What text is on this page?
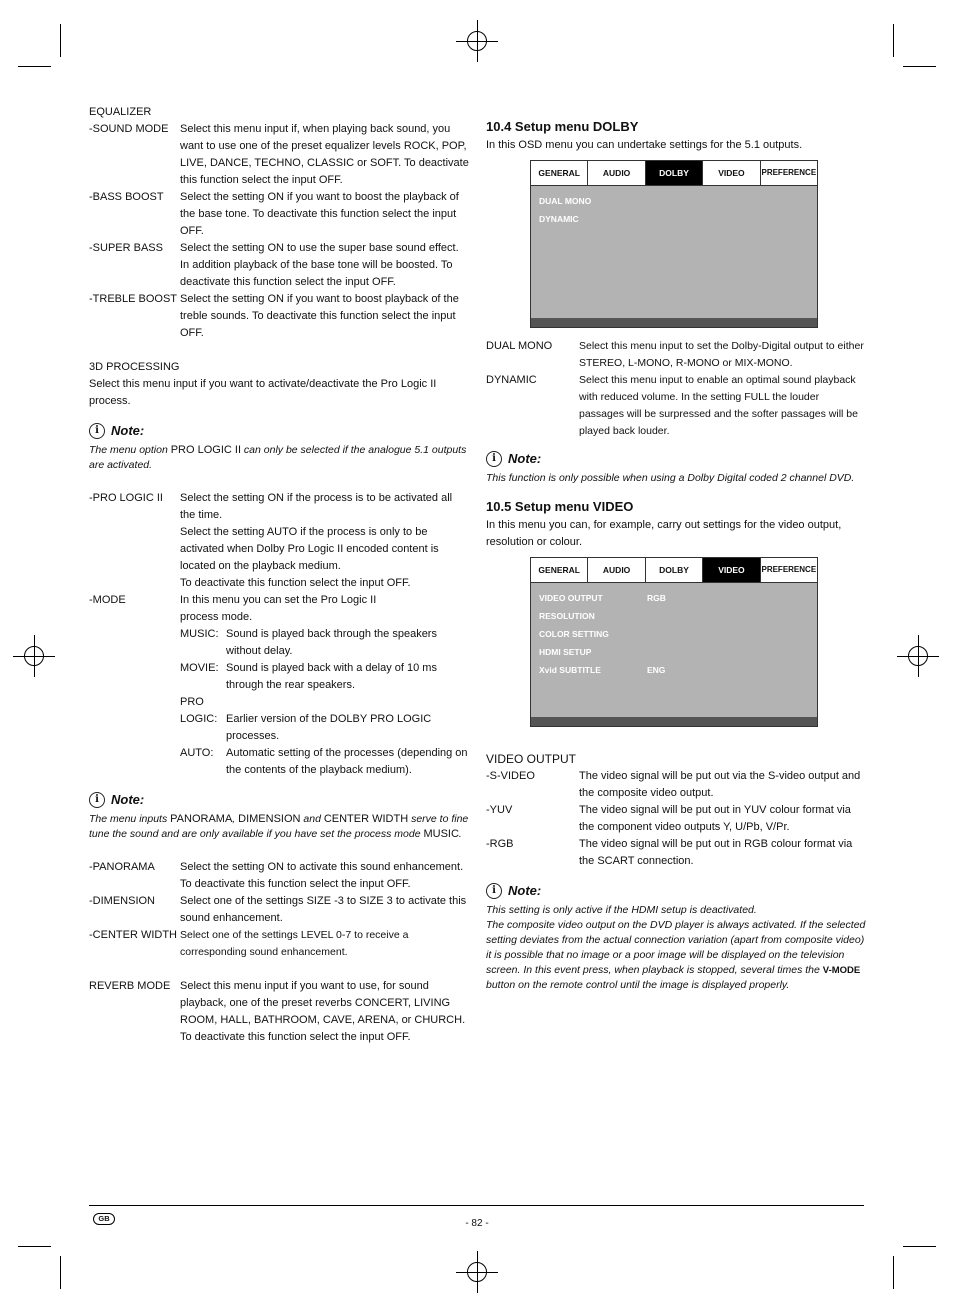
EQUALIZER
-SOUND MODE	Select this menu input if, when playing back sound, you want to use one of the preset equalizer levels ROCK, POP, LIVE, DANCE, TECHNO, CLASSIC or SOFT. To deactivate this function select the input OFF.
-BASS BOOST	Select the setting ON if you want to boost the playback of the base tone. To deactivate this function select the input OFF.
-SUPER BASS	Select the setting ON to use the super base sound effect. In addition playback of the base tone will be boosted. To deactivate this function select the input OFF.
-TREBLE BOOST Select the setting ON if you want to boost playback of the treble sounds. To deactivate this function select the input OFF.
3D PROCESSING
Select this menu input if you want to activate/deactivate the Pro Logic II process.
i Note:
The menu option PRO LOGIC II can only be selected if the analogue 5.1 outputs are activated.
-PRO LOGIC II	Select the setting ON if the process is to be activated all the time.
Select the setting AUTO if the process is only to be activated when Dolby Pro Logic II encoded content is located on the playback medium.
To deactivate this function select the input OFF.
-MODE	In this menu you can set the Pro Logic II process mode.
MUSIC: Sound is played back through the speakers without delay.
MOVIE: Sound is played back with a delay of 10 ms through the rear speakers.
PRO
LOGIC: Earlier version of the DOLBY PRO LOGIC processes.
AUTO:	Automatic setting of the processes (depending on the contents of the playback medium).
i Note:
The menu inputs PANORAMA, DIMENSION and CENTER WIDTH serve to fine tune the sound and are only available if you have set the process mode MUSIC.
-PANORAMA	Select the setting ON to activate this sound enhancement. To deactivate this function select the input OFF.
-DIMENSION	Select one of the settings SIZE -3 to SIZE 3 to activate this sound enhancement.
-CENTER WIDTH Select one of the settings LEVEL 0-7 to receive a corresponding sound enhancement.
REVERB MODE Select this menu input if you want to use, for sound playback, one of the preset reverbs CONCERT, LIVING ROOM, HALL, BATHROOM, CAVE, ARENA, or CHURCH. To deactivate this function select the input OFF.
10.4 Setup menu DOLBY
In this OSD menu you can undertake settings for the 5.1 outputs.
GENERAL	AUDIO	DOLBY	VIDEO	PREFERENCE
DUAL MONO
DYNAMIC
DUAL MONO	Select this menu input to set the Dolby-Digital output to either STEREO, L-MONO, R-MONO or MIX-MONO.
DYNAMIC	Select this menu input to enable an optimal sound playback with reduced volume. In the setting FULL the louder passages will be surpressed and the softer passages will be played back louder.
i Note:
This function is only possible when using a Dolby Digital coded 2 channel DVD.
10.5 Setup menu VIDEO
In this menu you can, for example, carry out settings for the video output, resolution or colour.
GENERAL	AUDIO	DOLBY	VIDEO	PREFERENCE
VIDEO OUTPUT	RGB
RESOLUTION
COLOR SETTING
HDMI SETUP
Xvid SUBTITLE	ENG
VIDEO OUTPUT
-S-VIDEO	The video signal will be put out via the S-video output and the composite video output.
-YUV	The video signal will be put out in YUV colour format via the component video outputs Y, U/Pb, V/Pr.
-RGB	The video signal will be put out in RGB colour format via the SCART connection.
i Note:
This setting is only active if the HDMI setup is deactivated.
The composite video output on the DVD player is always activated. If the selected setting deviates from the actual connection variation (apart from composite video) it is possible that no image or a poor image will be displayed on the television screen. In this event press, when playback is stopped, several times the V-MODE button on the remote control until the image is displayed properly.
GB	- 82 -
